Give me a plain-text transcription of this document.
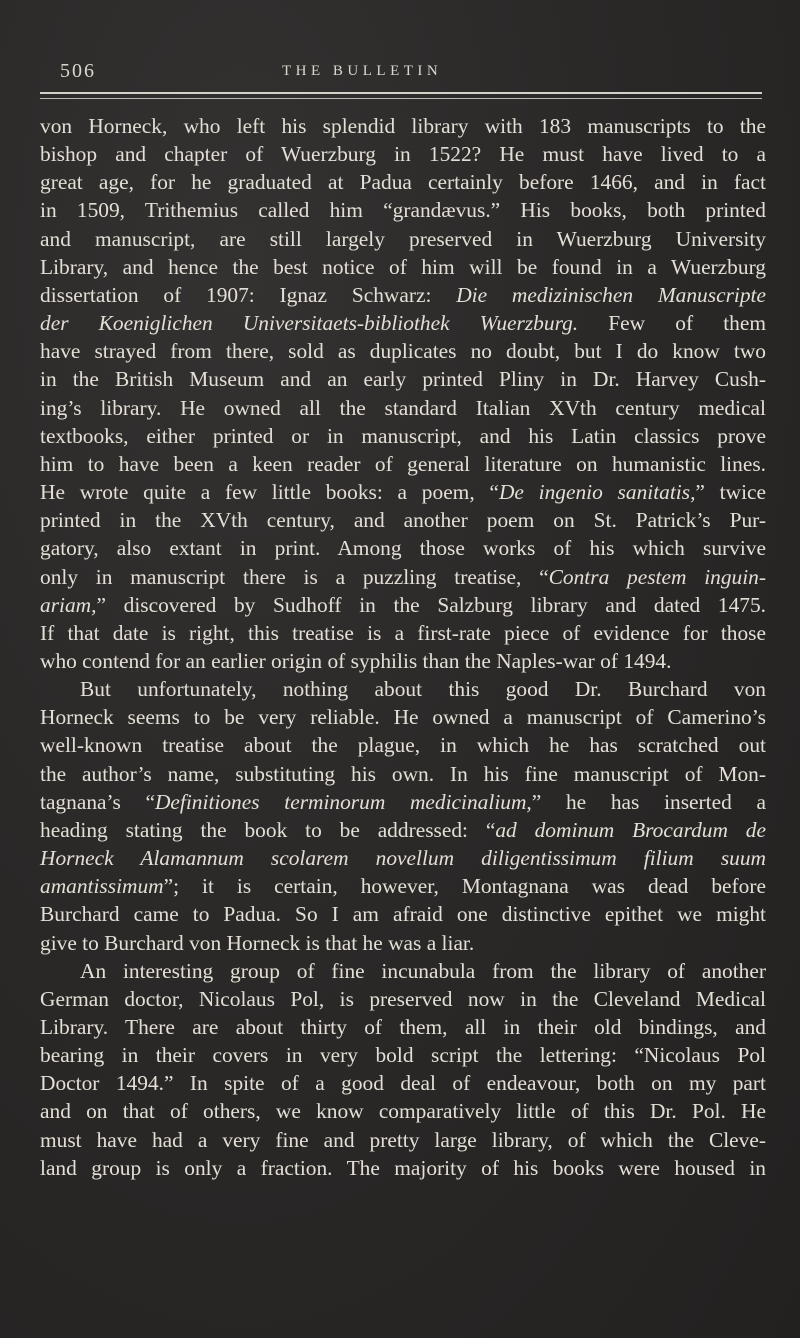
506	THE BULLETIN
von Horneck, who left his splendid library with 183 manuscripts to the
bishop and chapter of Wuerzburg in 1522? He must have lived to a
great age, for he graduated at Padua certainly before 1466, and in fact
in 1509, Trithemius called him “grandævus.” His books, both printed
and manuscript, are still largely preserved in Wuerzburg University
Library, and hence the best notice of him will be found in a Wuerzburg
dissertation of 1907: Ignaz Schwarz: Die medizinischen Manuscripte
der Koeniglichen Universitaets-bibliothek Wuerzburg. Few of them
have strayed from there, sold as duplicates no doubt, but I do know two
in the British Museum and an early printed Pliny in Dr. Harvey Cush-
ing’s library. He owned all the standard Italian XVth century medical
textbooks, either printed or in manuscript, and his Latin classics prove
him to have been a keen reader of general literature on humanistic lines.
He wrote quite a few little books: a poem, “De ingenio sanitatis,” twice
printed in the XVth century, and another poem on St. Patrick’s Pur-
gatory, also extant in print. Among those works of his which survive
only in manuscript there is a puzzling treatise, “Contra pestem inguin-
ariam,” discovered by Sudhoff in the Salzburg library and dated 1475.
If that date is right, this treatise is a first-rate piece of evidence for those
who contend for an earlier origin of syphilis than the Naples-war of 1494.
But unfortunately, nothing about this good Dr. Burchard von
Horneck seems to be very reliable. He owned a manuscript of Camerino’s
well-known treatise about the plague, in which he has scratched out
the author’s name, substituting his own. In his fine manuscript of Mon-
tagnana’s “Definitiones terminorum medicinalium,” he has inserted a
heading stating the book to be addressed: “ad dominum Brocardum de
Horneck Alamannum scolarem novellum diligentissimum filium suum
amantissimum”; it is certain, however, Montagnana was dead before
Burchard came to Padua. So I am afraid one distinctive epithet we might
give to Burchard von Horneck is that he was a liar.
An interesting group of fine incunabula from the library of another
German doctor, Nicolaus Pol, is preserved now in the Cleveland Medical
Library. There are about thirty of them, all in their old bindings, and
bearing in their covers in very bold script the lettering: “Nicolaus Pol
Doctor 1494.” In spite of a good deal of endeavour, both on my part
and on that of others, we know comparatively little of this Dr. Pol. He
must have had a very fine and pretty large library, of which the Cleve-
land group is only a fraction. The majority of his books were housed in
